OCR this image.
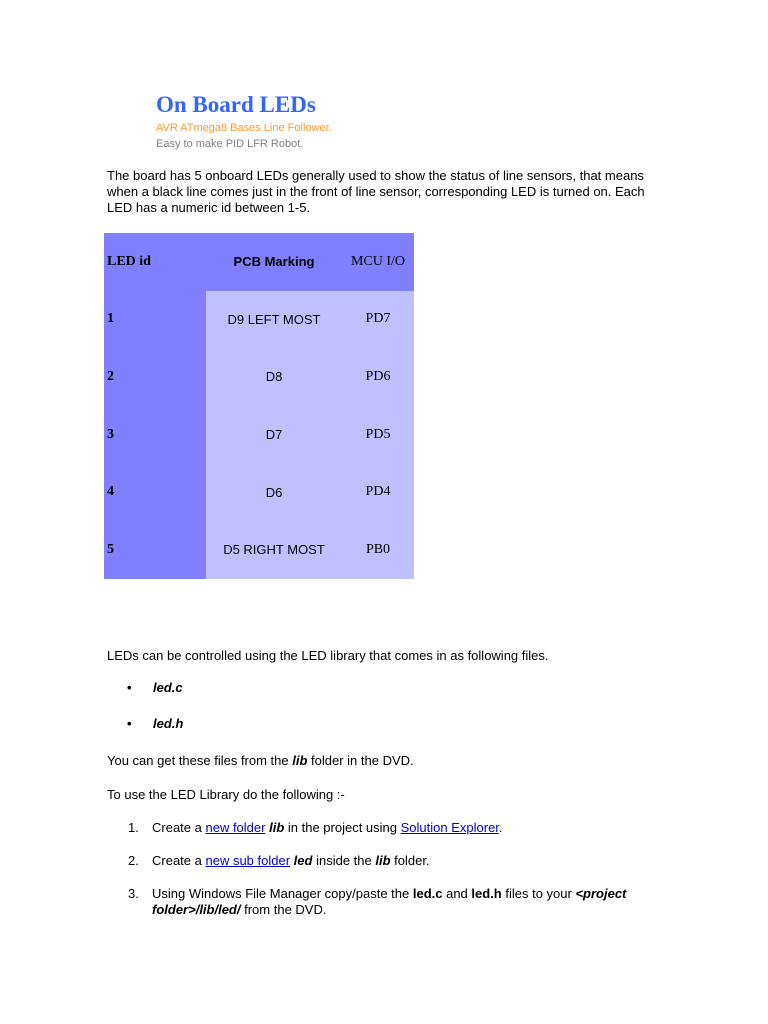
On Board LEDs
AVR ATmega8 Bases Line Follower.
Easy to make PID LFR Robot.

The board has 5 onboard LEDs generally used to show the status of line sensors, that means when a black line comes just in the front of line sensor, corresponding LED is turned on. Each LED has a numeric id between 1-5.

LED id	PCB Marking	MCU I/O
1	D9 LEFT MOST	PD7
2	D8	PD6
3	D7	PD5
4	D6	PD4
5	D5 RIGHT MOST	PB0

LEDs can be controlled using the LED library that comes in as following files.

• led.c
• led.h

You can get these files from the lib folder in the DVD.

To use the LED Library do the following :-

1. Create a new folder lib in the project using Solution Explorer.
2. Create a new sub folder led inside the lib folder.
3. Using Windows File Manager copy/paste the led.c and led.h files to your <project folder>/lib/led/ from the DVD.
